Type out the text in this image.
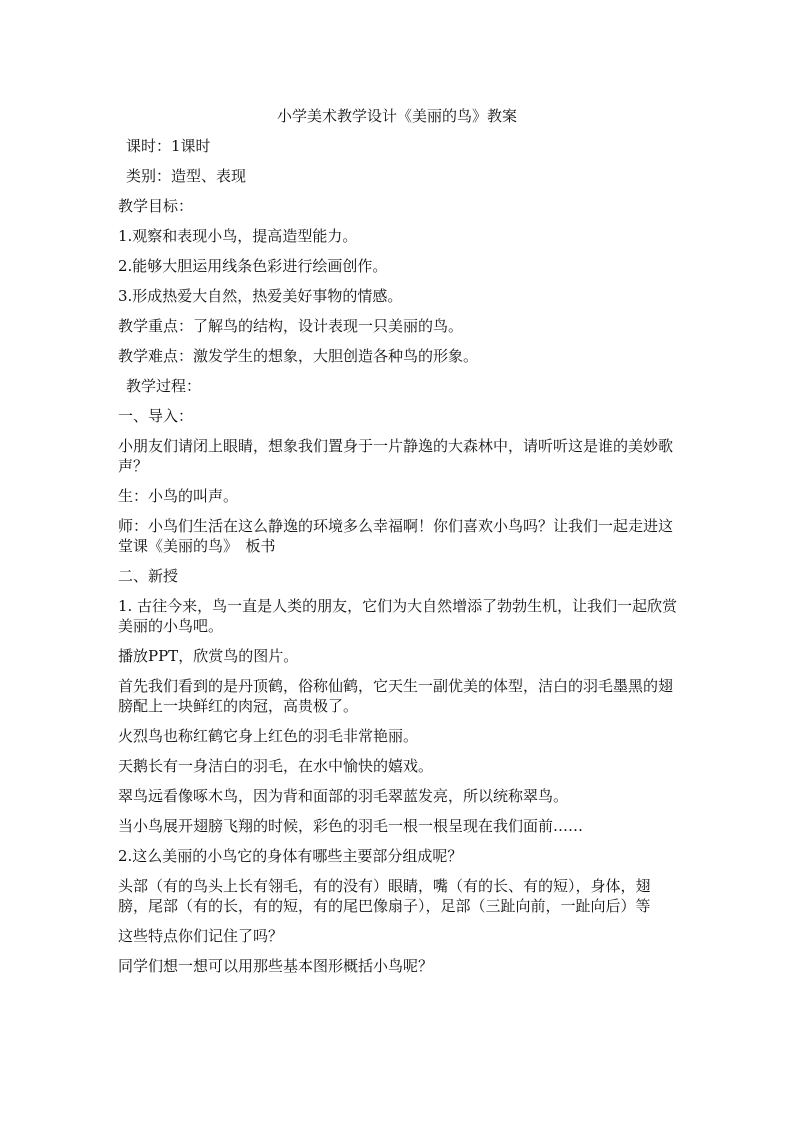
小学美术教学设计《美丽的鸟》教案

课时：1课时

类别：造型、表现

教学目标：

1.观察和表现小鸟，提高造型能力。

2.能够大胆运用线条色彩进行绘画创作。

3.形成热爱大自然，热爱美好事物的情感。

教学重点：了解鸟的结构，设计表现一只美丽的鸟。

教学难点：激发学生的想象，大胆创造各种鸟的形象。

教学过程：

一、导入：

小朋友们请闭上眼睛，想象我们置身于一片静逸的大森林中，请听听这是谁的美妙歌声？

生：小鸟的叫声。

师：小鸟们生活在这么静逸的环境多么幸福啊！你们喜欢小鸟吗？让我们一起走进这堂课《美丽的鸟》　板书

二、新授

1. 古往今来，鸟一直是人类的朋友，它们为大自然增添了勃勃生机，让我们一起欣赏美丽的小鸟吧。

播放PPT，欣赏鸟的图片。

首先我们看到的是丹顶鹤，俗称仙鹤，它天生一副优美的体型，洁白的羽毛墨黑的翅膀配上一块鲜红的肉冠，高贵极了。

火烈鸟也称红鹤它身上红色的羽毛非常艳丽。

天鹅长有一身洁白的羽毛，在水中愉快的嬉戏。

翠鸟远看像啄木鸟，因为背和面部的羽毛翠蓝发亮，所以统称翠鸟。

当小鸟展开翅膀飞翔的时候，彩色的羽毛一根一根呈现在我们面前……

2.这么美丽的小鸟它的身体有哪些主要部分组成呢？

头部（有的鸟头上长有翎毛，有的没有）眼睛，嘴（有的长、有的短），身体，翅膀，尾部（有的长，有的短，有的尾巴像扇子），足部（三趾向前，一趾向后）等

这些特点你们记住了吗？

同学们想一想可以用那些基本图形概括小鸟呢？
